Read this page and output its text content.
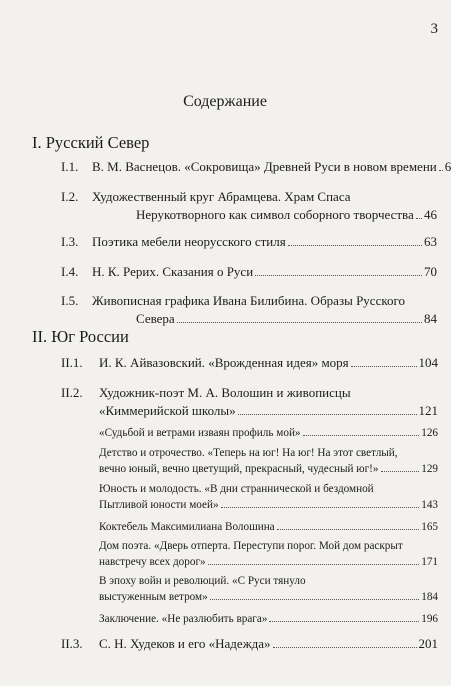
3
Содержание
I. Русский Север
I.1. В. М. Васнецов. «Сокровища» Древней Руси в новом времени 6
I.2. Художественный круг Абрамцева. Храм Спаса
Нерукотворного как символ соборного творчества 46
I.3. Поэтика мебели неорусского стиля	63
I.4. Н. К. Рерих. Сказания о Руси	70
I.5. Живописная графика Ивана Билибина. Образы Русского
Севера	84
II. Юг России
II.1. И. К. Айвазовский. «Врожденная идея» моря	104
II.2. Художник-поэт М. А. Волошин и живописцы
«Киммерийской школы»	121
«Судьбой и ветрами изваян профиль мой»	126
Детство и отрочество. «Теперь на юг! На юг! На этот светлый,
вечно юный, вечно цветущий, прекрасный, чудесный юг!»	129
Юность и молодость. «В дни страннической и бездомной
Пытливой юности моей»	143
Коктебель Максимилиана Волошина	165
Дом поэта. «Дверь отперта. Переступи порог. Мой дом раскрыт
навстречу всех дорог»	171
В эпоху войн и революций. «С Руси тянуло
выстуженным ветром»	184
Заключение. «Не разлюбить врага»	196
II.3. С. Н. Худеков и его «Надежда»	201
